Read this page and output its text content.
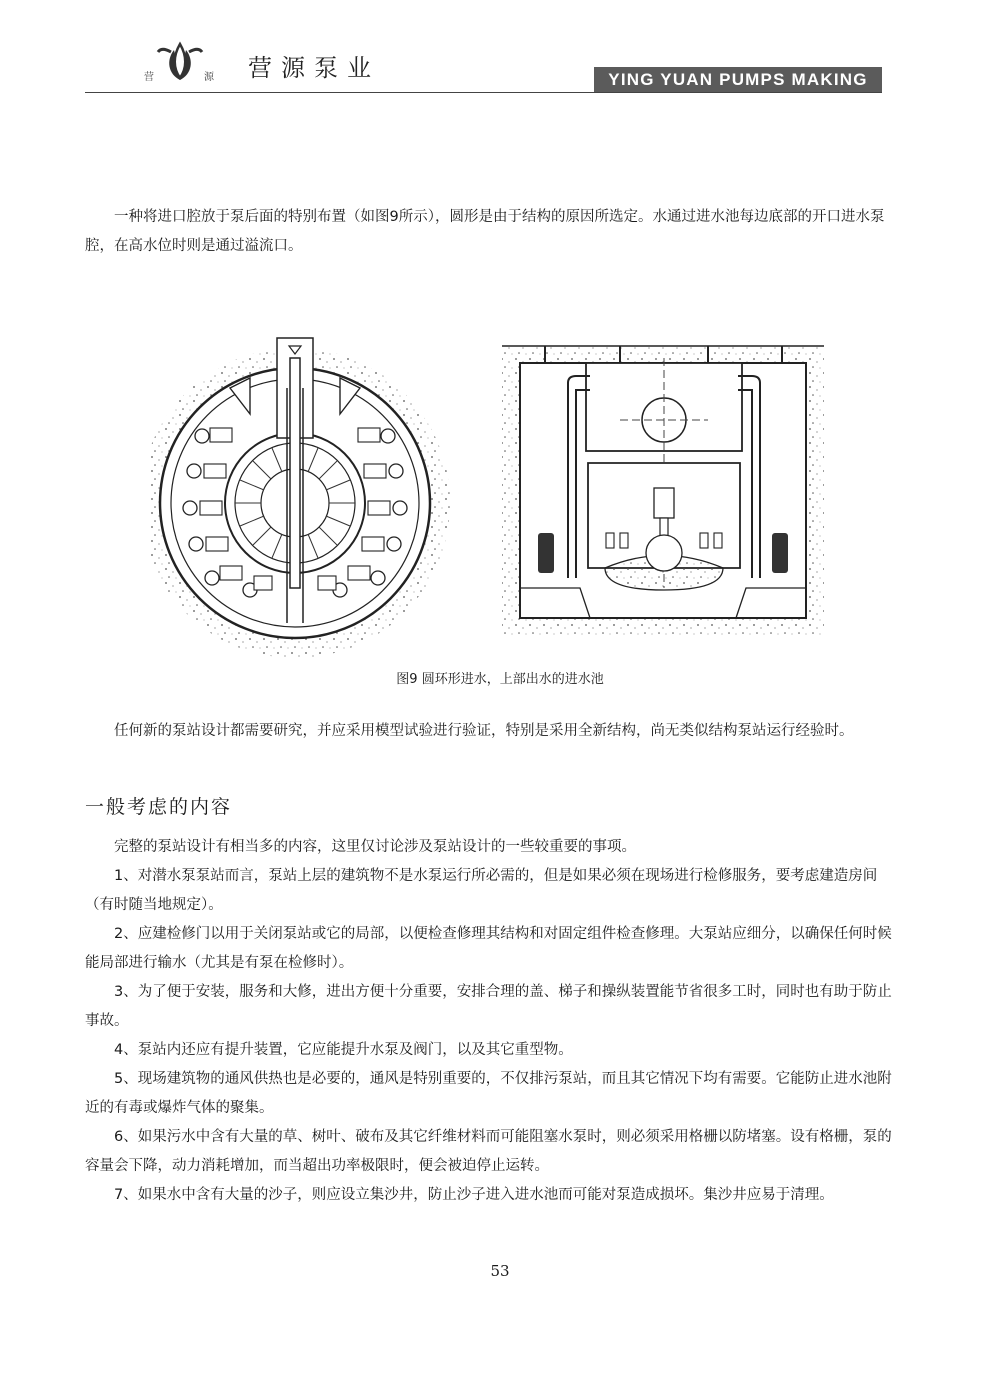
营	源 营源泵业	YING YUAN PUMPS MAKING

一种将进口腔放于泵后面的特别布置（如图9所示），圆形是由于结构的原因所选定。水通过进水池每边底部的开口进水泵腔，在高水位时则是通过溢流口。

图9 圆环形进水，上部出水的进水池

任何新的泵站设计都需要研究，并应采用模型试验进行验证，特别是采用全新结构，尚无类似结构泵站运行经验时。

一般考虑的内容

完整的泵站设计有相当多的内容，这里仅讨论涉及泵站设计的一些较重要的事项。

1、对潜水泵泵站而言，泵站上层的建筑物不是水泵运行所必需的，但是如果必须在现场进行检修服务，要考虑建造房间（有时随当地规定）。

2、应建检修门以用于关闭泵站或它的局部，以便检查修理其结构和对固定组件检查修理。大泵站应细分，以确保任何时候能局部进行输水（尤其是有泵在检修时）。

3、为了便于安装，服务和大修，进出方便十分重要，安排合理的盖、梯子和操纵装置能节省很多工时，同时也有助于防止事故。

4、泵站内还应有提升装置，它应能提升水泵及阀门，以及其它重型物。

5、现场建筑物的通风供热也是必要的，通风是特别重要的，不仅排污泵站，而且其它情况下均有需要。它能防止进水池附近的有毒或爆炸气体的聚集。

6、如果污水中含有大量的草、树叶、破布及其它纤维材料而可能阻塞水泵时，则必须采用格栅以防堵塞。设有格栅，泵的容量会下降，动力消耗增加，而当超出功率极限时，便会被迫停止运转。

7、如果水中含有大量的沙子，则应设立集沙井，防止沙子进入进水池而可能对泵造成损坏。集沙井应易于清理。

53
